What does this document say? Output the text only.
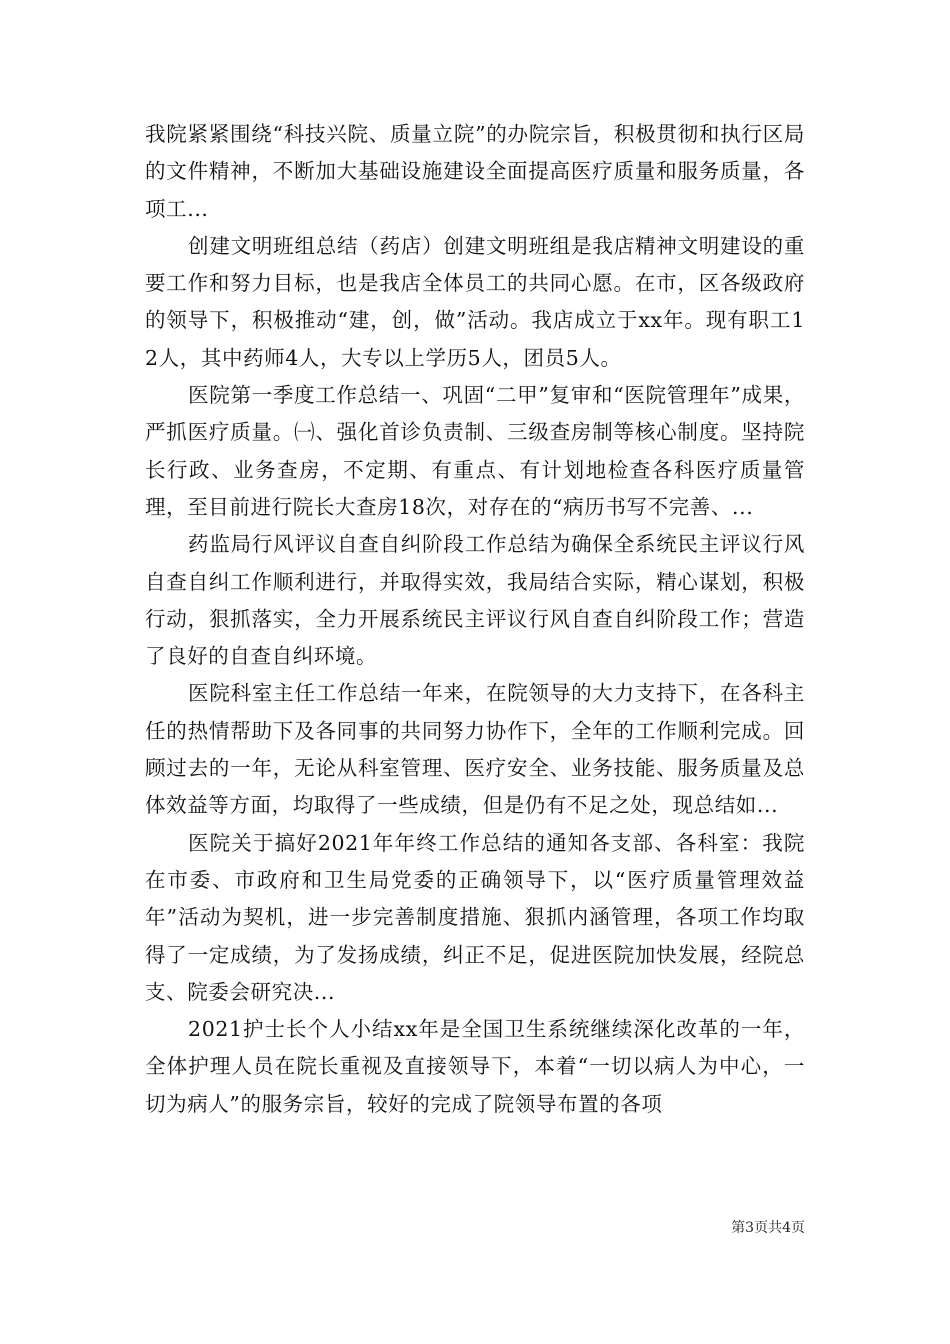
我院紧紧围绕“科技兴院、质量立院”的办院宗旨，积极贯彻和执行区局的文件精神，不断加大基础设施建设全面提高医疗质量和服务质量，各项工...

创建文明班组总结（药店）创建文明班组是我店精神文明建设的重要工作和努力目标，也是我店全体员工的共同心愿。在市，区各级政府的领导下，积极推动“建，创，做”活动。我店成立于xx年。现有职工12人，其中药师4人，大专以上学历5人，团员5人。

医院第一季度工作总结一、巩固“二甲”复审和“医院管理年”成果，严抓医疗质量。㈠、强化首诊负责制、三级查房制等核心制度。坚持院长行政、业务查房，不定期、有重点、有计划地检查各科医疗质量管理，至目前进行院长大查房18次，对存在的“病历书写不完善、...

药监局行风评议自查自纠阶段工作总结为确保全系统民主评议行风自查自纠工作顺利进行，并取得实效，我局结合实际，精心谋划，积极行动，狠抓落实，全力开展系统民主评议行风自查自纠阶段工作；营造了良好的自查自纠环境。

医院科室主任工作总结一年来，在院领导的大力支持下，在各科主任的热情帮助下及各同事的共同努力协作下，全年的工作顺利完成。回顾过去的一年，无论从科室管理、医疗安全、业务技能、服务质量及总体效益等方面，均取得了一些成绩，但是仍有不足之处，现总结如...

医院关于搞好2021年年终工作总结的通知各支部、各科室：我院在市委、市政府和卫生局党委的正确领导下，以“医疗质量管理效益年”活动为契机，进一步完善制度措施、狠抓内涵管理，各项工作均取得了一定成绩，为了发扬成绩，纠正不足，促进医院加快发展，经院总支、院委会研究决...

2021护士长个人小结xx年是全国卫生系统继续深化改革的一年，全体护理人员在院长重视及直接领导下，本着“一切以病人为中心，一切为病人”的服务宗旨，较好的完成了院领导布置的各项

第3页共4页
